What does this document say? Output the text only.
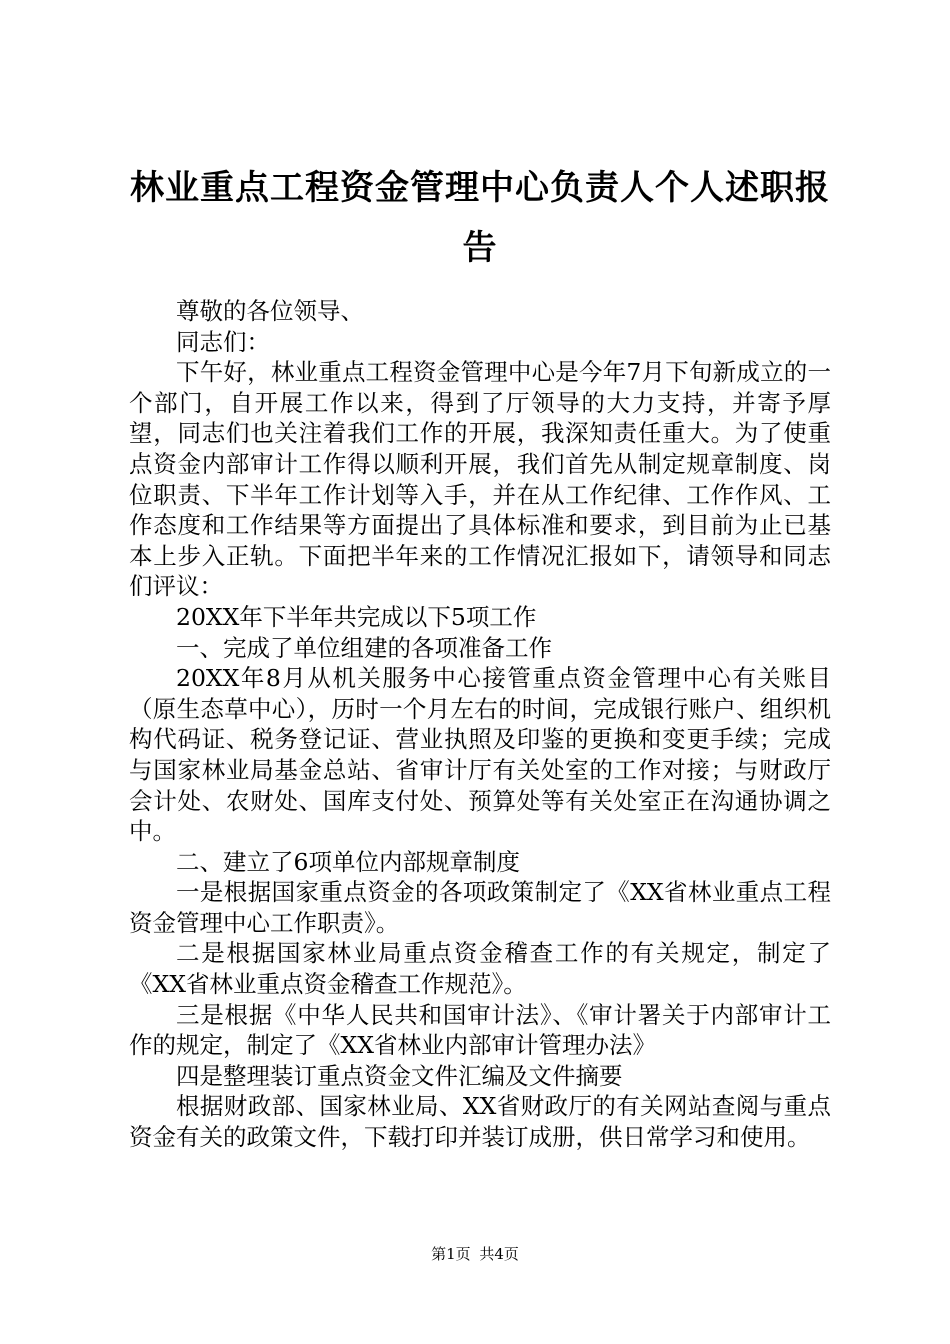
林业重点工程资金管理中心负责人个人述职报告

尊敬的各位领导、

同志们：

下午好，林业重点工程资金管理中心是今年7月下旬新成立的一个部门，自开展工作以来，得到了厅领导的大力支持，并寄予厚望，同志们也关注着我们工作的开展，我深知责任重大。为了使重点资金内部审计工作得以顺利开展，我们首先从制定规章制度、岗位职责、下半年工作计划等入手，并在从工作纪律、工作作风、工作态度和工作结果等方面提出了具体标准和要求，到目前为止已基本上步入正轨。下面把半年来的工作情况汇报如下，请领导和同志们评议：

20XX年下半年共完成以下5项工作

一、完成了单位组建的各项准备工作

20XX年8月从机关服务中心接管重点资金管理中心有关账目（原生态草中心），历时一个月左右的时间，完成银行账户、组织机构代码证、税务登记证、营业执照及印鉴的更换和变更手续；完成与国家林业局基金总站、省审计厅有关处室的工作对接；与财政厅会计处、农财处、国库支付处、预算处等有关处室正在沟通协调之中。

二、建立了6项单位内部规章制度

一是根据国家重点资金的各项政策制定了《XX省林业重点工程资金管理中心工作职责》。

二是根据国家林业局重点资金稽查工作的有关规定，制定了《XX省林业重点资金稽查工作规范》。

三是根据《中华人民共和国审计法》、《审计署关于内部审计工作的规定，制定了《XX省林业内部审计管理办法》

四是整理装订重点资金文件汇编及文件摘要

根据财政部、国家林业局、XX省财政厅的有关网站查阅与重点资金有关的政策文件，下载打印并装订成册，供日常学习和使用。

第1页 共4页
